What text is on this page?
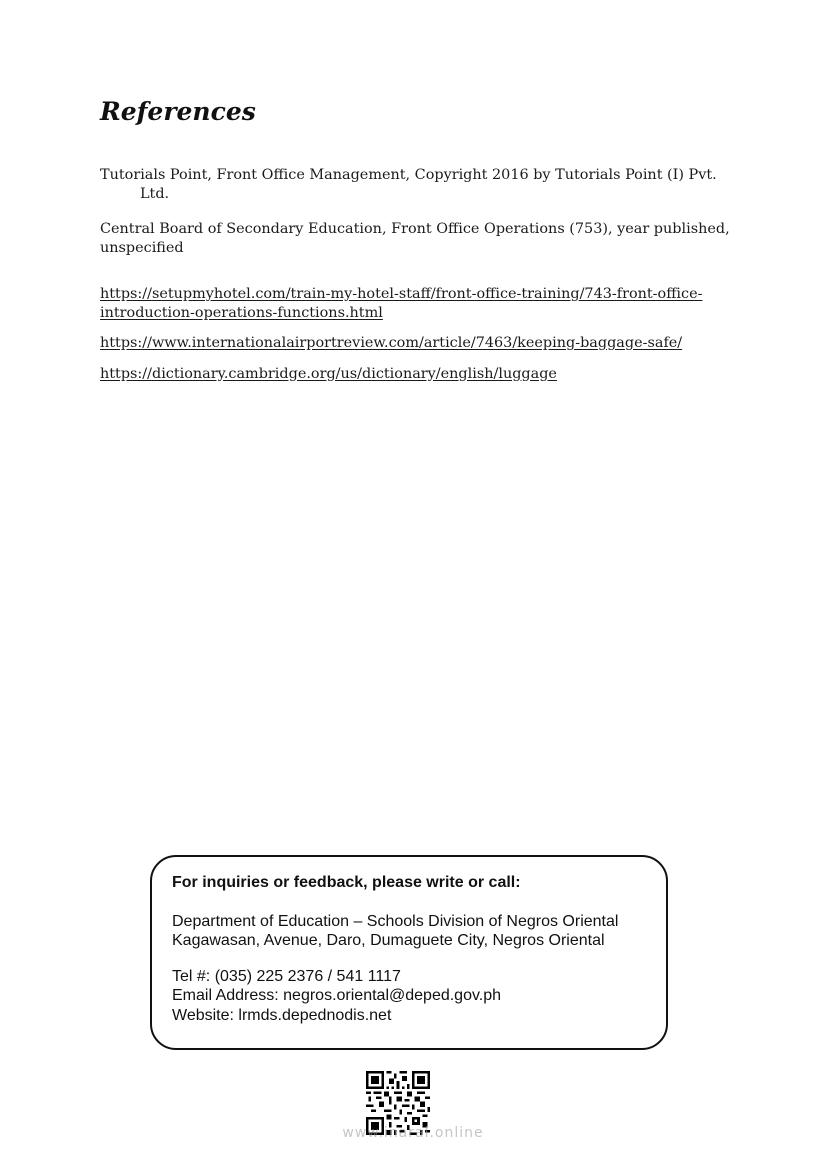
References

Tutorials Point, Front Office Management, Copyright 2016 by Tutorials Point (I) Pvt. Ltd.

Central Board of Secondary Education, Front Office Operations (753), year published, unspecified

https://setupmyhotel.com/train-my-hotel-staff/front-office-training/743-front-office-introduction-operations-functions.html
https://www.internationalairportreview.com/article/7463/keeping-baggage-safe/
https://dictionary.cambridge.org/us/dictionary/english/luggage

For inquiries or feedback, please write or call:

Department of Education – Schools Division of Negros Oriental
Kagawasan, Avenue, Daro, Dumaguete City, Negros Oriental
Tel #: (035) 225 2376 / 541 1117
Email Address: negros.oriental@deped.gov.ph
Website: lrmds.depednodis.net
www.inaral.online
